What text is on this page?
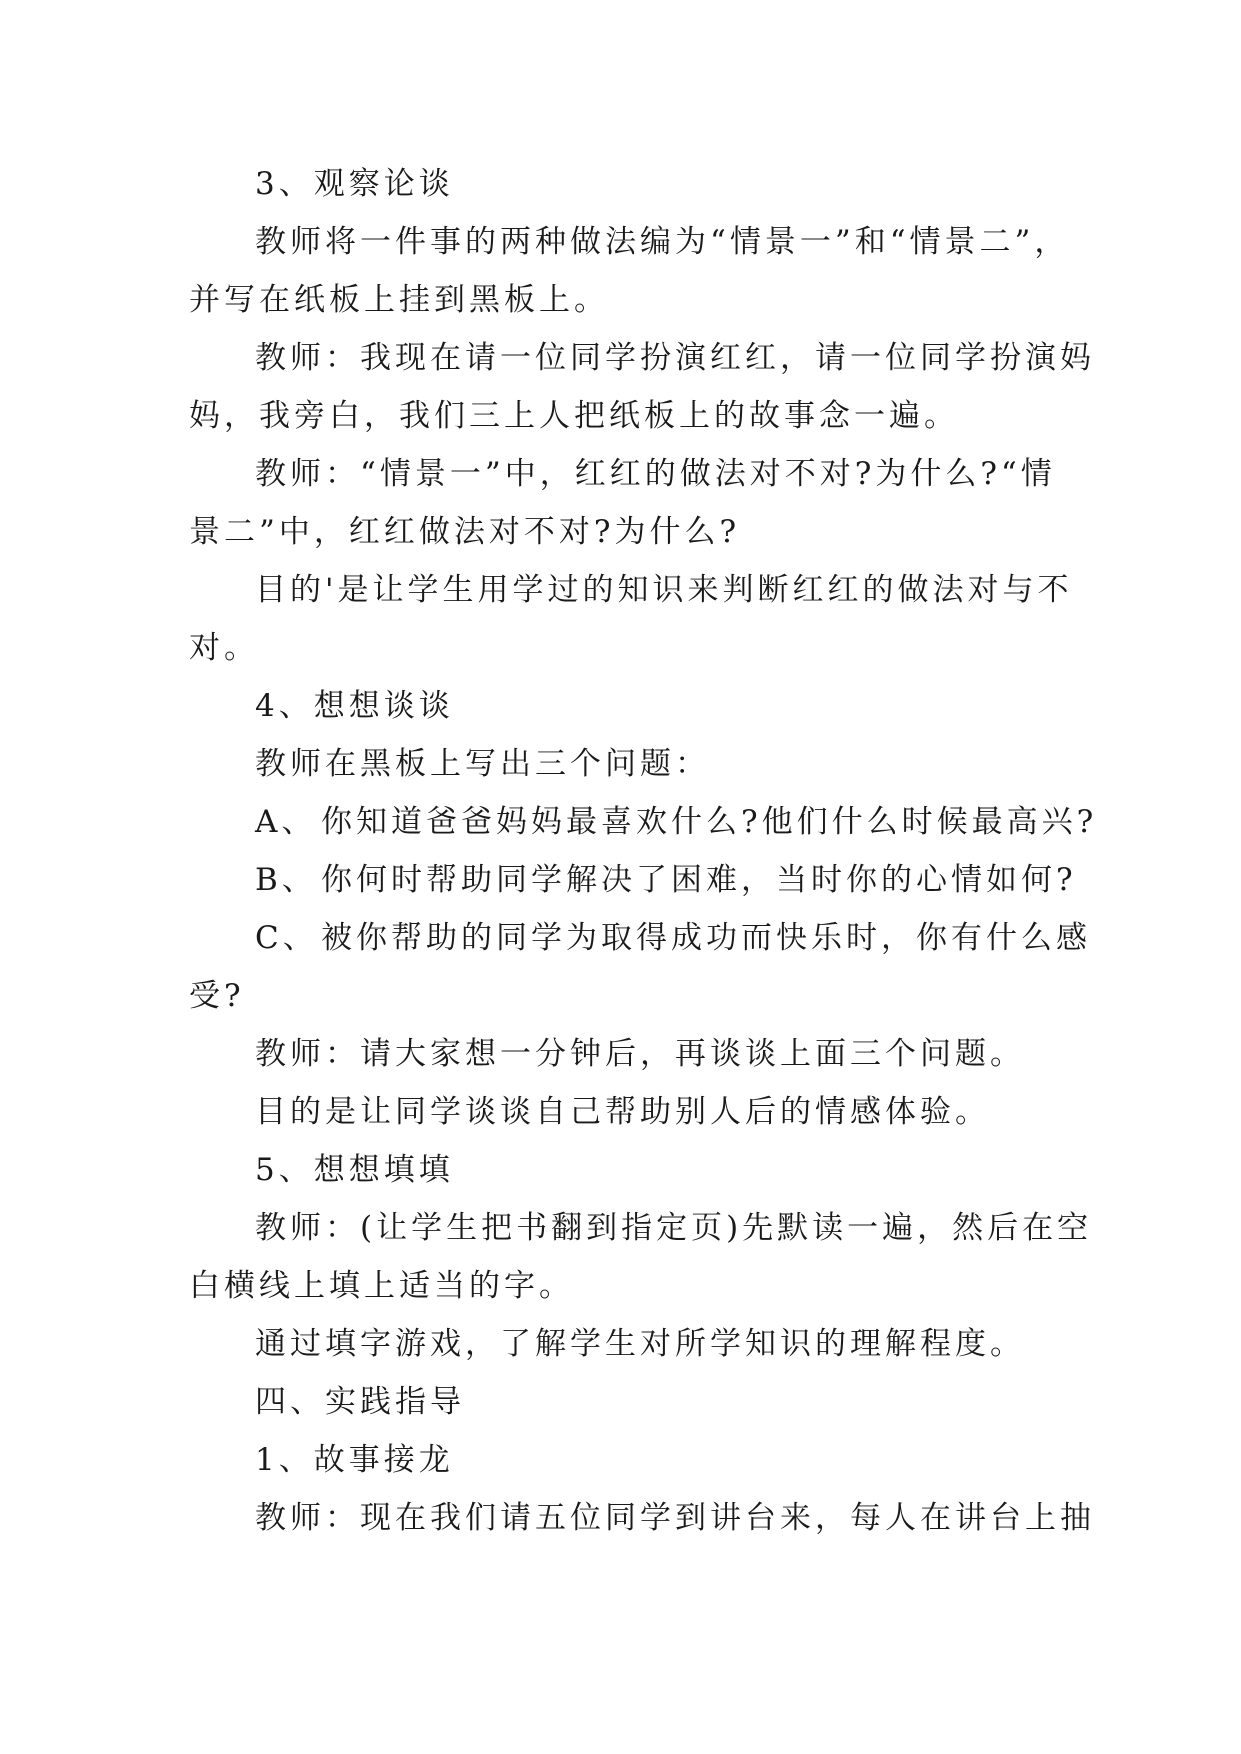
3、观察论谈

教师将一件事的两种做法编为“情景一”和“情景二”，
并写在纸板上挂到黑板上。

教师：我现在请一位同学扮演红红，请一位同学扮演妈
妈，我旁白，我们三上人把纸板上的故事念一遍。

教师：“情景一”中，红红的做法对不对?为什么?“情
景二”中，红红做法对不对?为什么?

目的'是让学生用学过的知识来判断红红的做法对与不
对。

4、想想谈谈

教师在黑板上写出三个问题：

A、 你知道爸爸妈妈最喜欢什么?他们什么时候最高兴?

B、 你何时帮助同学解决了困难，当时你的心情如何?

C、 被你帮助的同学为取得成功而快乐时，你有什么感
受?

教师：请大家想一分钟后，再谈谈上面三个问题。

目的是让同学谈谈自己帮助别人后的情感体验。

5、想想填填

教师：(让学生把书翻到指定页)先默读一遍，然后在空
白横线上填上适当的字。

通过填字游戏，了解学生对所学知识的理解程度。

四、实践指导

1、故事接龙

教师：现在我们请五位同学到讲台来，每人在讲台上抽
